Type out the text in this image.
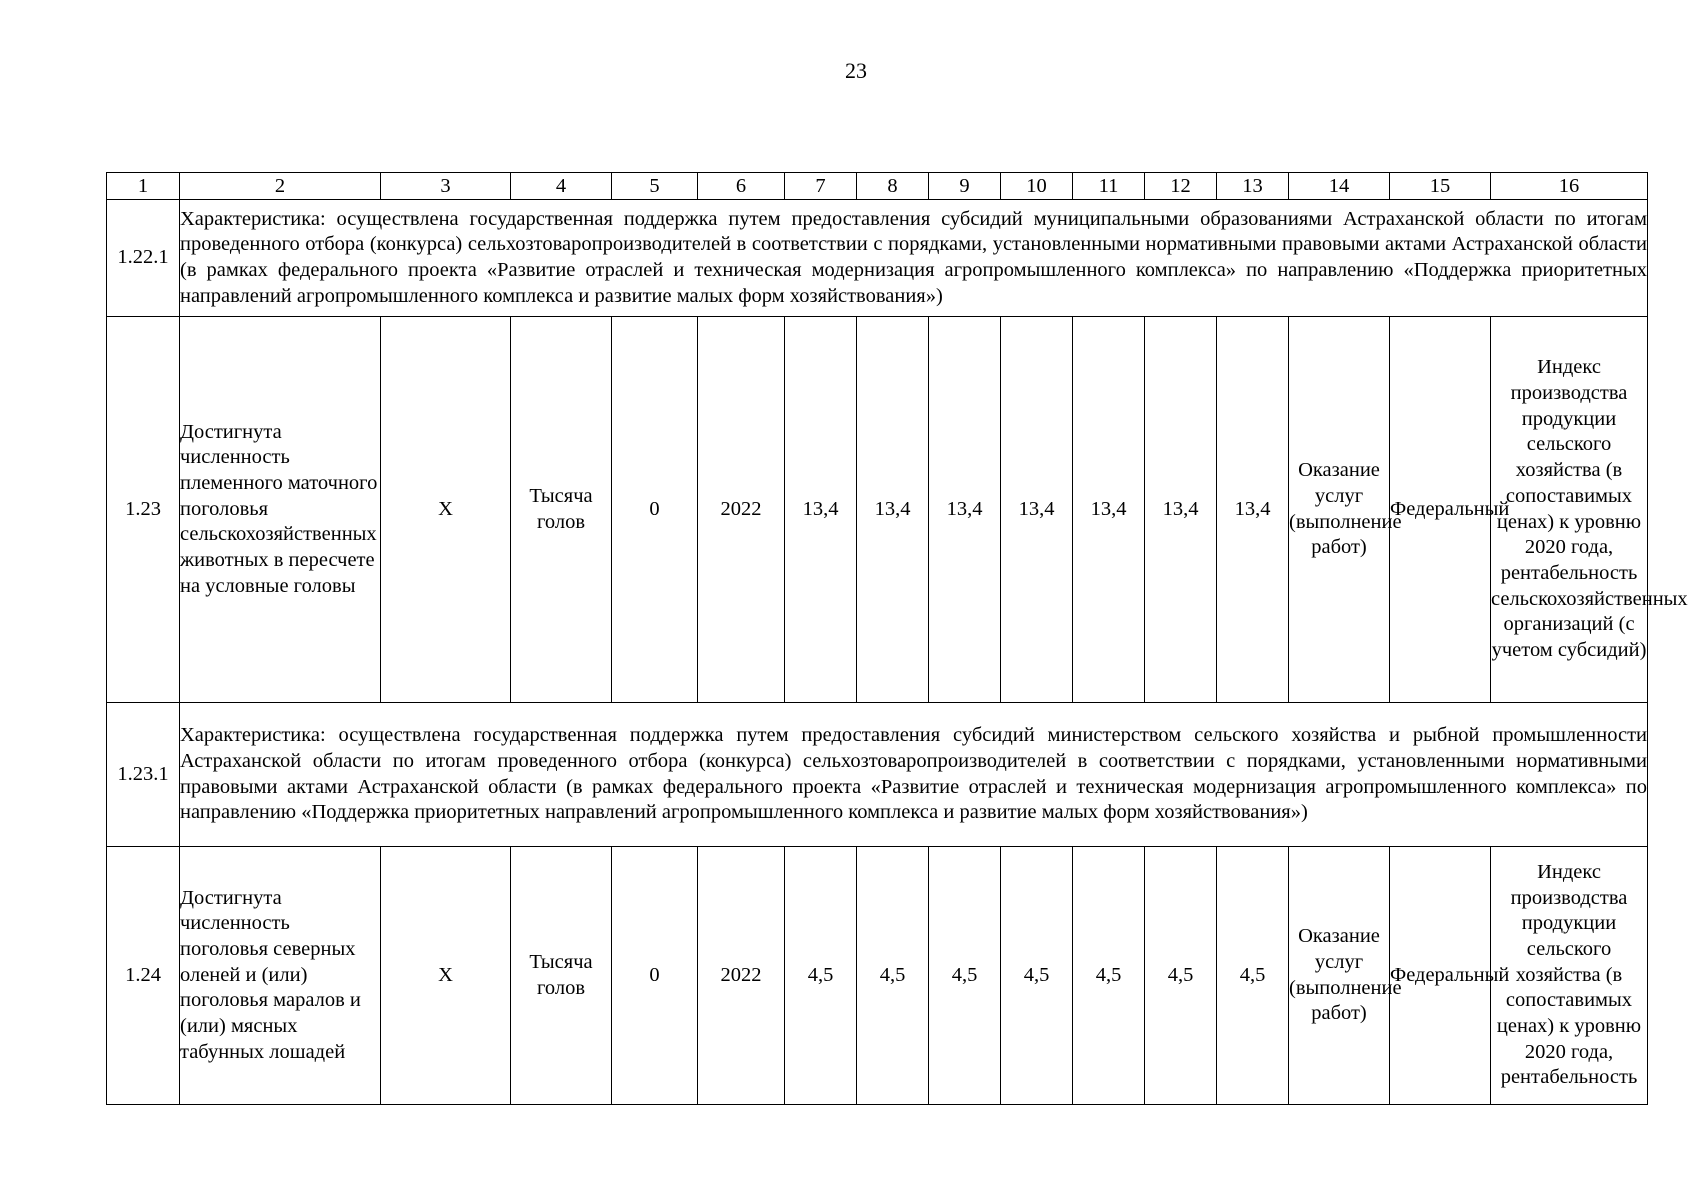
23
1	2	3	4	5	6	7	8	9	10	11	12	13	14	15	16
1.22.1	Характеристика: осуществлена государственная поддержка путем предоставления субсидий муниципальными образованиями Астраханской области по итогам проведенного отбора (конкурса) сельхозтоваропроизводителей в соответствии с порядками, установленными нормативными правовыми актами Астраханской области (в рамках федерального проекта «Развитие отраслей и техническая модернизация агропромышленного комплекса» по направлению «Поддержка приоритетных направлений агропромышленного комплекса и развитие малых форм хозяйствования»)														
1.23	Достигнута численность племенного маточного поголовья сельскохозяйственных животных в пересчете на условные головы	Х	Тысяча голов	0	2022	13,4	13,4	13,4	13,4	13,4	13,4	13,4	Оказание услуг (выполнение работ)	Федеральный	Индекс производства продукции сельского хозяйства (в сопоставимых ценах) к уровню 2020 года, рентабельность сельскохозяйственных организаций (с учетом субсидий)
1.23.1	Характеристика: осуществлена государственная поддержка путем предоставления субсидий министерством сельского хозяйства и рыбной промышленности Астраханской области по итогам проведенного отбора (конкурса) сельхозтоваропроизводителей в соответствии с порядками, установленными нормативными правовыми актами Астраханской области (в рамках федерального проекта «Развитие отраслей и техническая модернизация агропромышленного комплекса» по направлению «Поддержка приоритетных направлений агропромышленного комплекса и развитие малых форм хозяйствования»)														
1.24	Достигнута численность поголовья северных оленей и (или) поголовья маралов и (или) мясных табунных лошадей	Х	Тысяча голов	0	2022	4,5	4,5	4,5	4,5	4,5	4,5	4,5	Оказание услуг (выполнение работ)	Федеральный	Индекс производства продукции сельского хозяйства (в сопоставимых ценах) к уровню 2020 года, рентабельность
